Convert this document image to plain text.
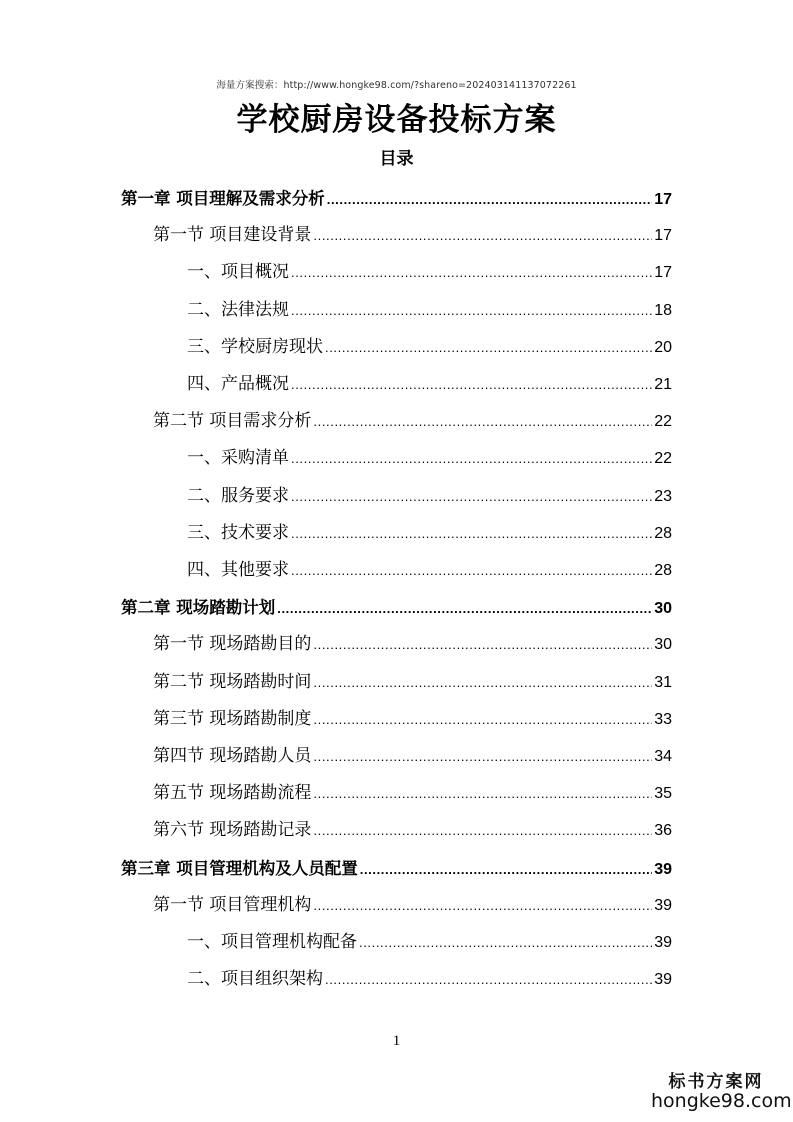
海量方案搜索：http://www.hongke98.com/?shareno=202403141137072261
学校厨房设备投标方案
目录
第一章 项目理解及需求分析 .....	17
第一节 项目建设背景 .....	17
一、项目概况 .....	17
二、法律法规 .....	18
三、学校厨房现状 .....	20
四、产品概况 .....	21
第二节 项目需求分析 .....	22
一、采购清单 .....	22
二、服务要求 .....	23
三、技术要求 .....	28
四、其他要求 .....	28
第二章 现场踏勘计划 .....	30
第一节 现场踏勘目的 .....	30
第二节 现场踏勘时间 .....	31
第三节 现场踏勘制度 .....	33
第四节 现场踏勘人员 .....	34
第五节 现场踏勘流程 .....	35
第六节 现场踏勘记录 .....	36
第三章 项目管理机构及人员配置 .....	39
第一节 项目管理机构 .....	39
一、项目管理机构配备 .....	39
二、项目组织架构 .....	39
1
标书方案网
hongke98.com
